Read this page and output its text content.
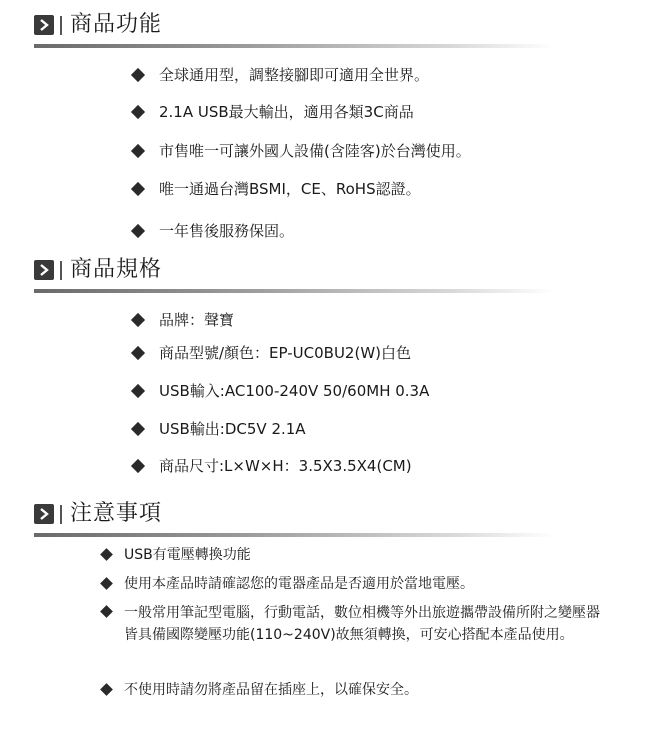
商品功能
全球通用型，調整接腳即可適用全世界。
2.1A USB最大輸出，適用各類3C商品
市售唯一可讓外國人設備(含陸客)於台灣使用。
唯一通過台灣BSMI，CE、RoHS認證。
一年售後服務保固。
商品規格
品牌：聲寶
商品型號/顏色：EP-UC0BU2(W)白色
USB輸入:AC100-240V 50/60MH 0.3A
USB輸出:DC5V 2.1A
商品尺寸:L×W×H：3.5X3.5X4(CM)
注意事項
USB有電壓轉換功能
使用本產品時請確認您的電器產品是否適用於當地電壓。
一般常用筆記型電腦，行動電話，數位相機等外出旅遊攜帶設備所附之變壓器皆具備國際變壓功能(110~240V)故無須轉換，可安心搭配本產品使用。
不使用時請勿將產品留在插座上，以確保安全。
